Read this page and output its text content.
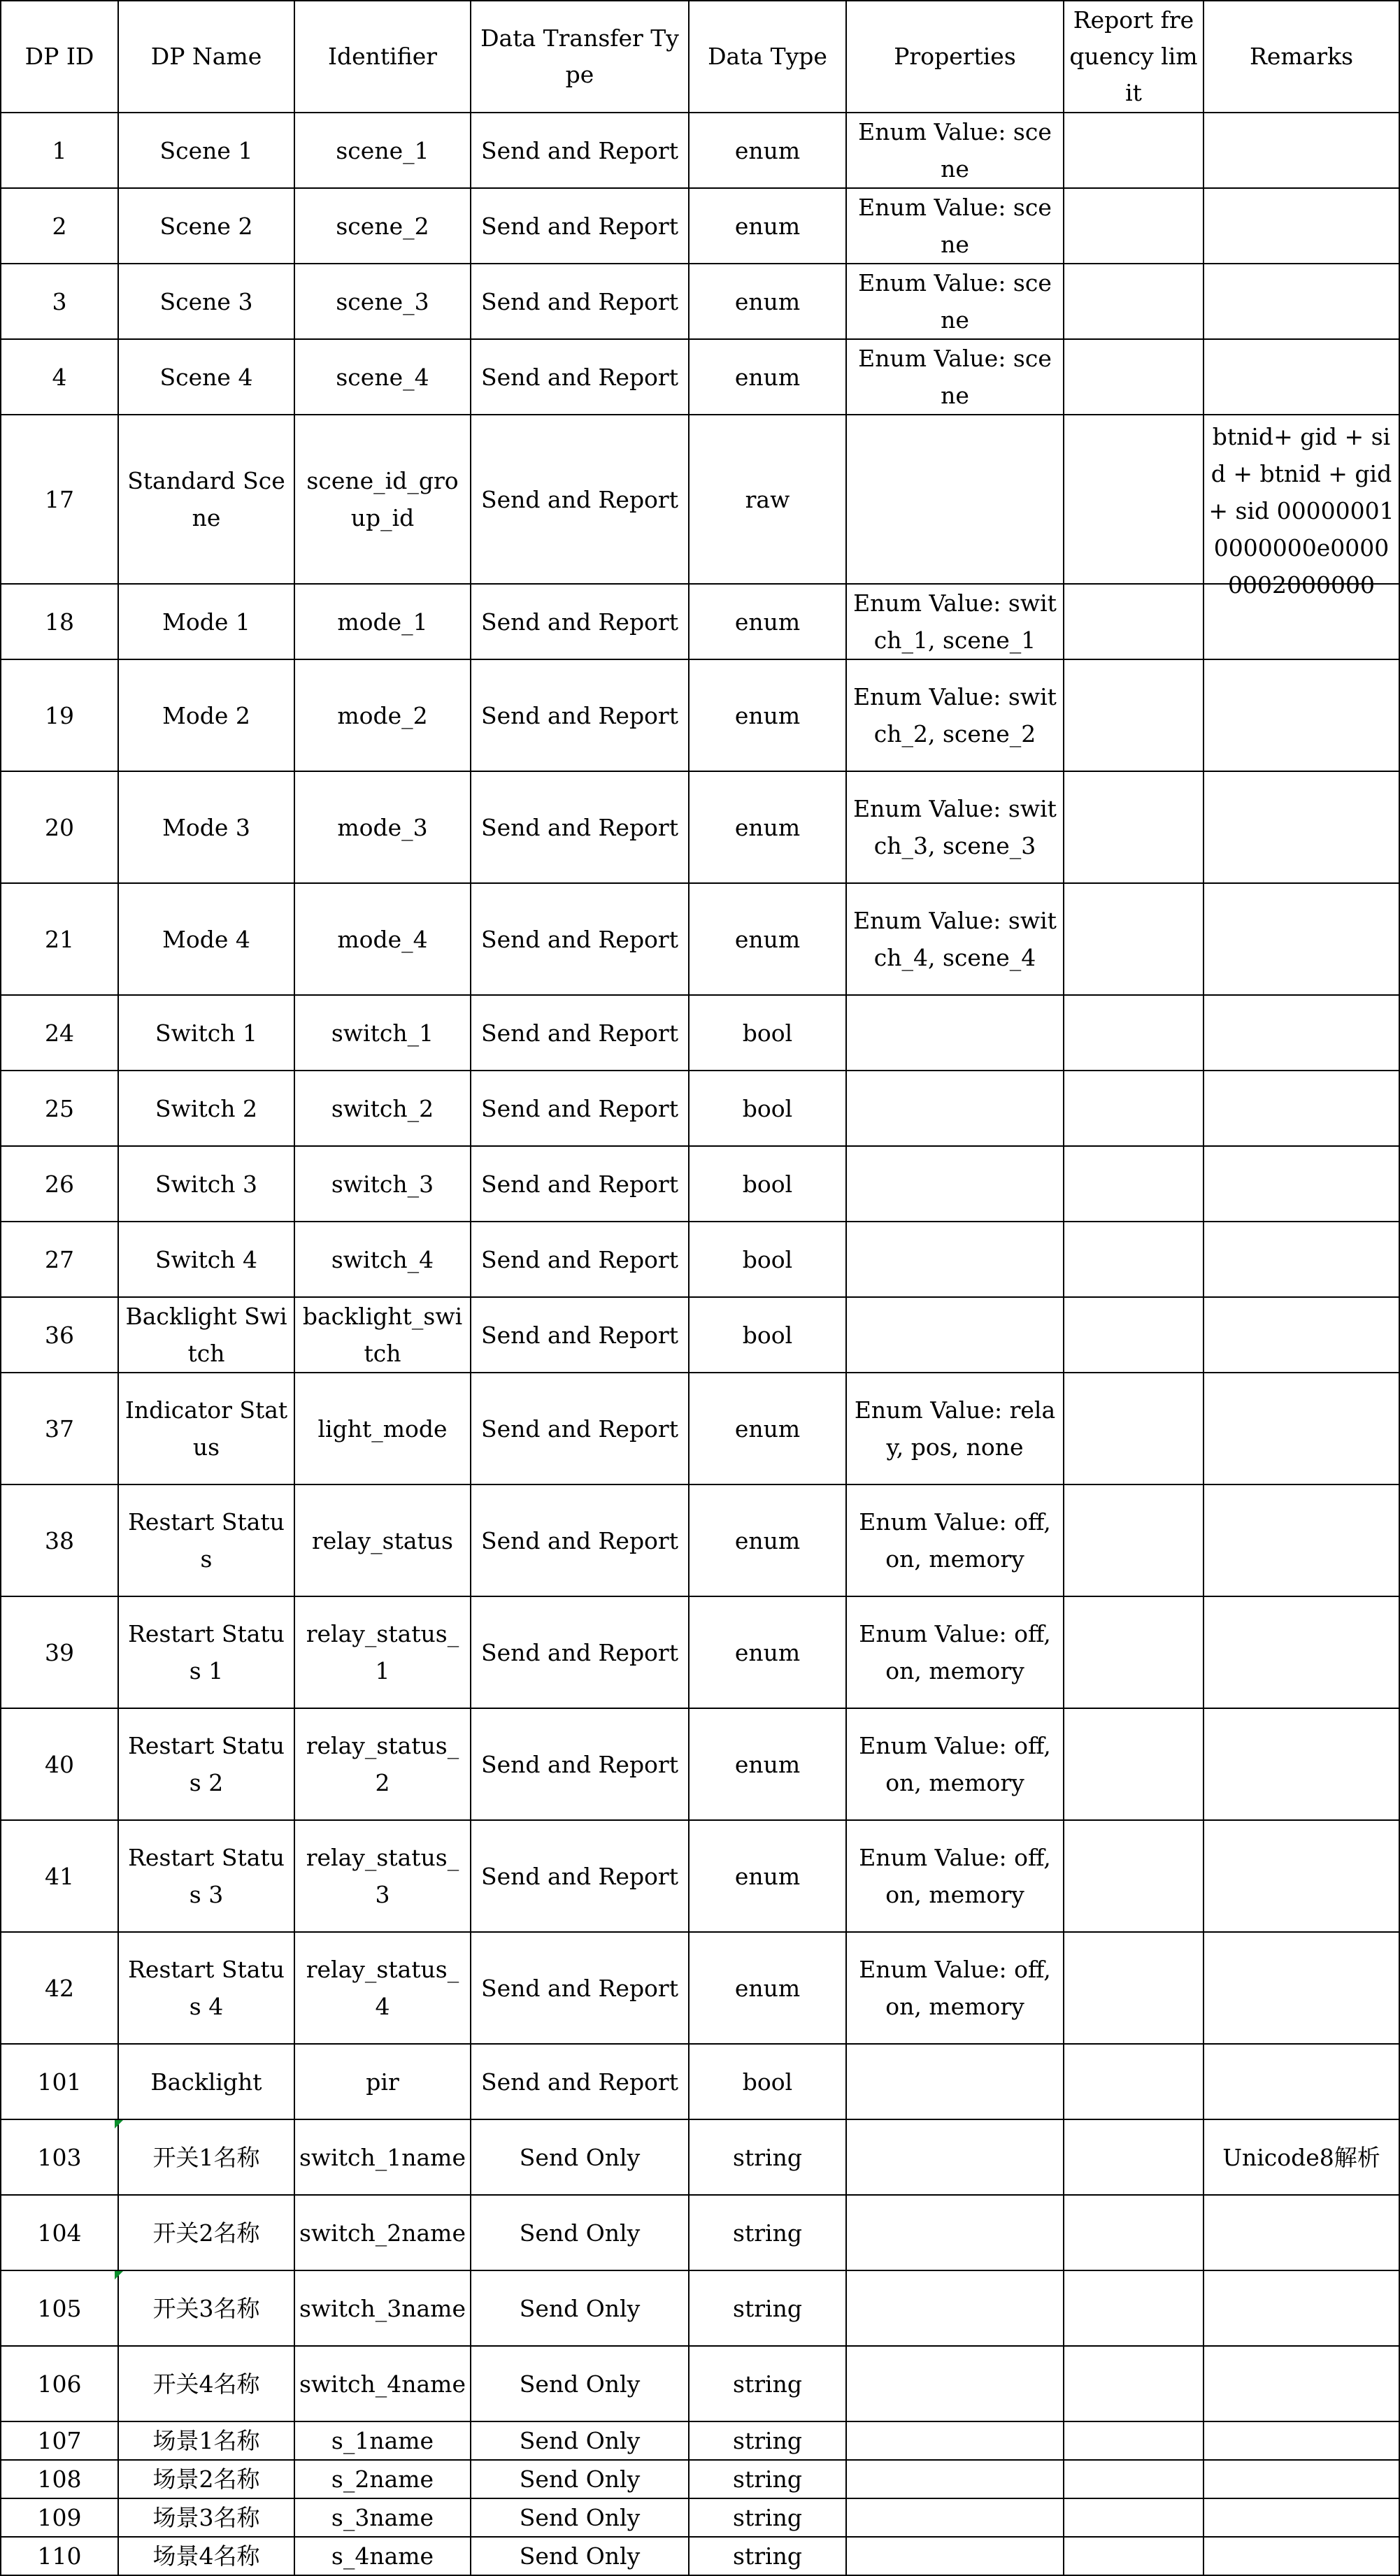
DP ID	DP Name	Identifier	Data Transfer Type	Data Type	Properties	Report frequency limit	Remarks
1	Scene 1	scene_1	Send and Report	enum	Enum Value: scene		
2	Scene 2	scene_2	Send and Report	enum	Enum Value: scene		
3	Scene 3	scene_3	Send and Report	enum	Enum Value: scene		
4	Scene 4	scene_4	Send and Report	enum	Enum Value: scene		
17	Standard Scene	scene_id_group_id	Send and Report	raw			btnid+ gid + sid + btnid + gid + sid 000000010000000e00000002000000

18	Mode 1	mode_1	Send and Report	enum	Enum Value: switch_1, scene_1		
19	Mode 2	mode_2	Send and Report	enum	Enum Value: switch_2, scene_2		
20	Mode 3	mode_3	Send and Report	enum	Enum Value: switch_3, scene_3		
21	Mode 4	mode_4	Send and Report	enum	Enum Value: switch_4, scene_4		
24	Switch 1	switch_1	Send and Report	bool			
25	Switch 2	switch_2	Send and Report	bool			
26	Switch 3	switch_3	Send and Report	bool			
27	Switch 4	switch_4	Send and Report	bool			
36	Backlight Switch	backlight_switch	Send and Report	bool			
37	Indicator Status	light_mode	Send and Report	enum	Enum Value: relay, pos, none		
38	Restart Status	relay_status	Send and Report	enum	Enum Value: off, on, memory		
39	Restart Status 1	relay_status_1	Send and Report	enum	Enum Value: off, on, memory		
40	Restart Status 2	relay_status_2	Send and Report	enum	Enum Value: off, on, memory		
41	Restart Status 3	relay_status_3	Send and Report	enum	Enum Value: off, on, memory		
42	Restart Status 4	relay_status_4	Send and Report	enum	Enum Value: off, on, memory		
101	Backlight	pir	Send and Report	bool			
103	开关1名称	switch_1name	Send Only	string			Unicode8解析
104	开关2名称	switch_2name	Send Only	string			
105	开关3名称	switch_3name	Send Only	string			
106	开关4名称	switch_4name	Send Only	string			
107	场景1名称	s_1name	Send Only	string			
108	场景2名称	s_2name	Send Only	string			
109	场景3名称	s_3name	Send Only	string			
110	场景4名称	s_4name	Send Only	string			
